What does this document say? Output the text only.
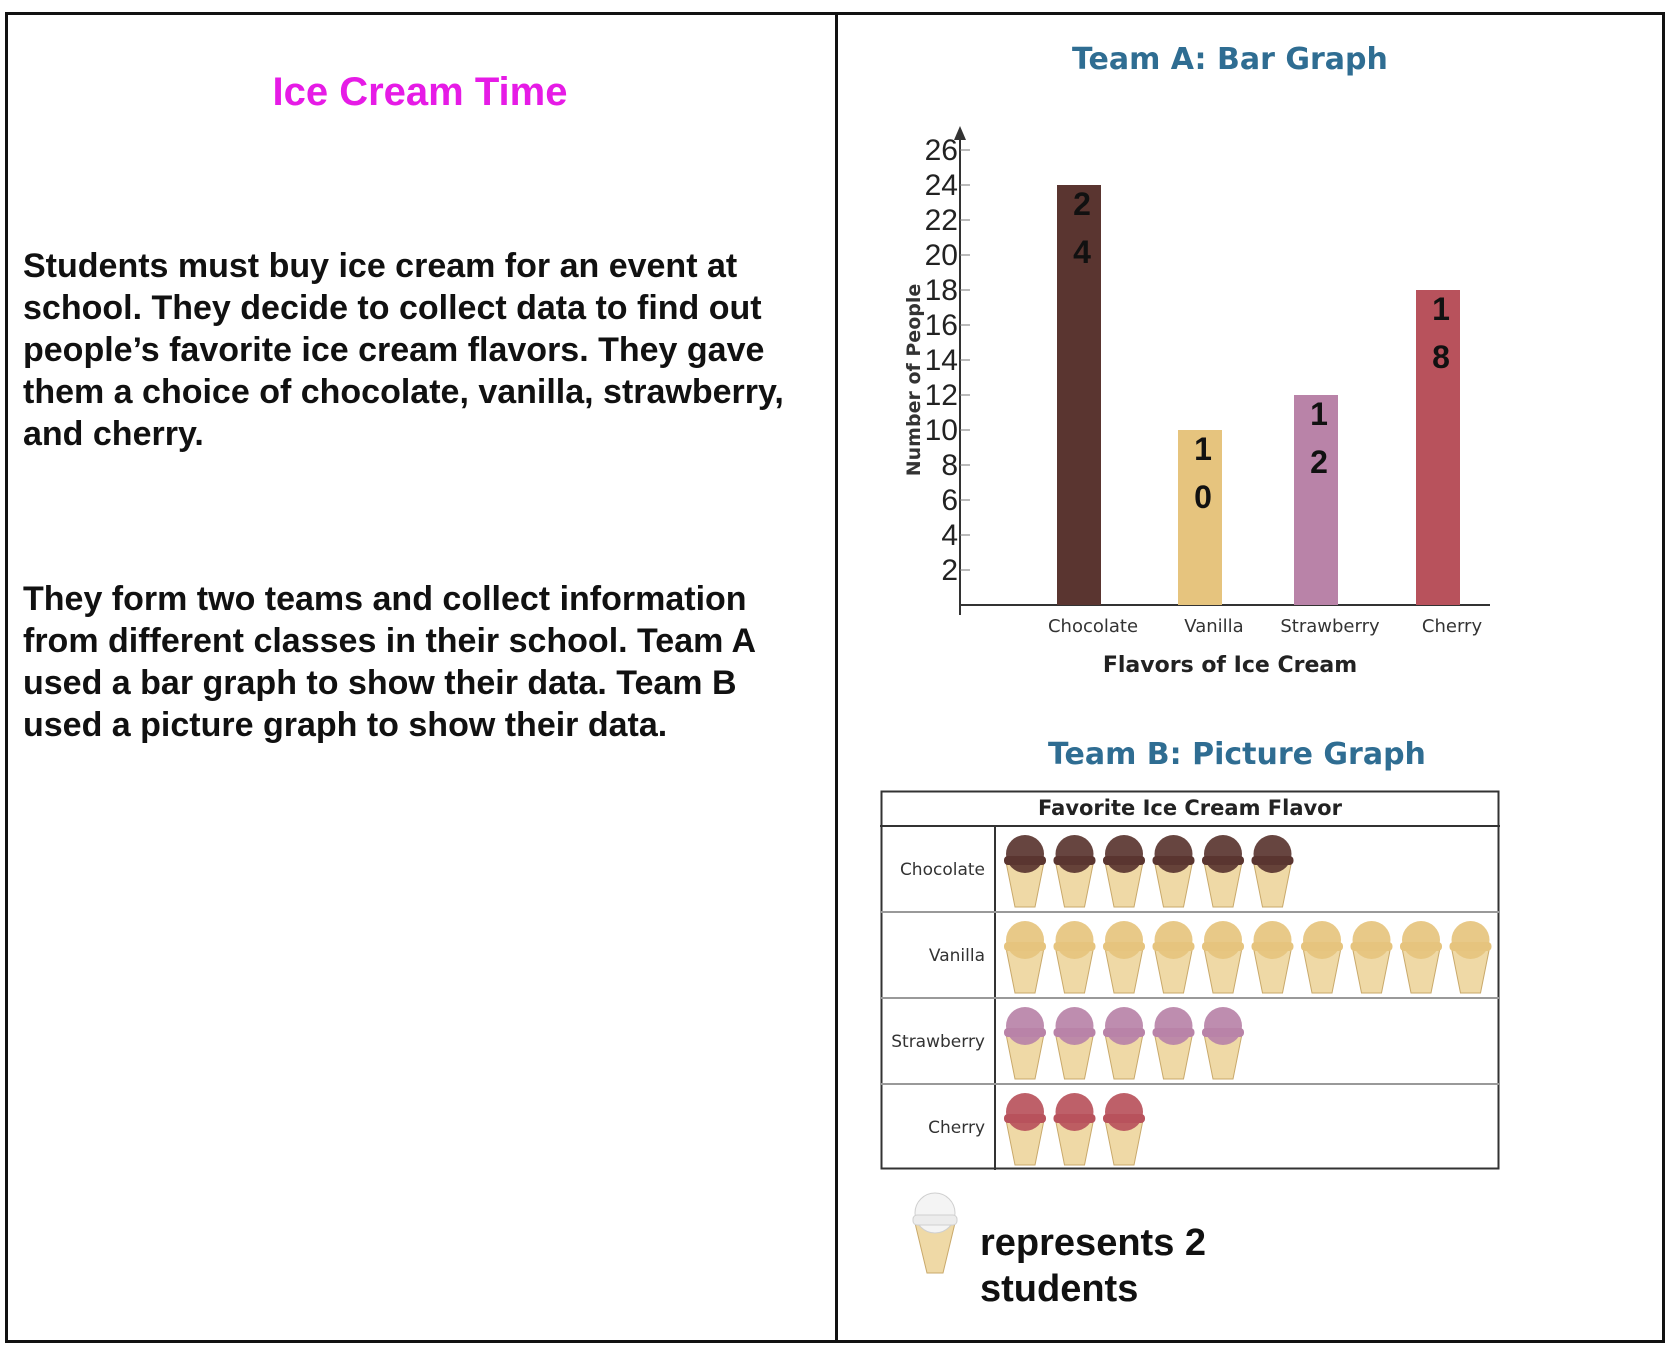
Ice Cream Time

Students must buy ice cream for an event at school. They decide to collect data to find out people’s favorite ice cream flavors. They gave them a choice of chocolate, vanilla, strawberry, and cherry.

They form two teams and collect information from different classes in their school. Team A used a bar graph to show their data. Team B used a picture graph to show their data.

Team A: Bar Graph
2
4
6
8
10
12
14
16
18
20
22
24
26
Number of People
2
4
Chocolate
1
0
Vanilla
1
2
Strawberry
1
8
Cherry
Flavors of Ice Cream
Team B: Picture Graph
Favorite Ice Cream Flavor
Chocolate
Vanilla
Strawberry
Cherry

represents 2
students
